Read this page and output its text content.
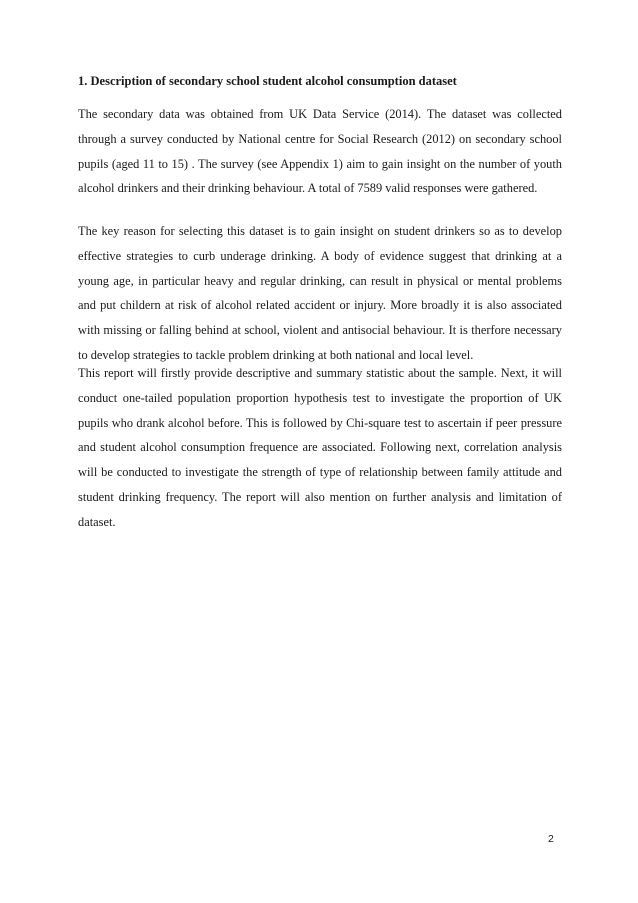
1. Description of secondary school student alcohol consumption dataset

The secondary data was obtained from UK Data Service (2014). The dataset was collected through a survey conducted by National centre for Social Research (2012) on secondary school pupils (aged 11 to 15) . The survey (see Appendix 1) aim to gain insight on the number of youth alcohol drinkers and their drinking behaviour. A total of 7589 valid responses were gathered.

The key reason for selecting this dataset is to gain insight on student drinkers so as to develop effective strategies to curb underage drinking. A body of evidence suggest that drinking at a young age, in particular heavy and regular drinking, can result in physical or mental problems and put childern at risk of alcohol related accident or injury. More broadly it is also associated with missing or falling behind at school, violent and antisocial behaviour. It is therfore necessary to develop strategies to tackle problem drinking at both national and local level.

This report will firstly provide descriptive and summary statistic about the sample. Next, it will conduct one-tailed population proportion hypothesis test to investigate the proportion of UK pupils who drank alcohol before. This is followed by Chi-square test to ascertain if peer pressure and student alcohol consumption frequence are associated. Following next, correlation analysis will be conducted to investigate the strength of type of relationship between family attitude and student drinking frequency. The report will also mention on further analysis and limitation of dataset.

2
